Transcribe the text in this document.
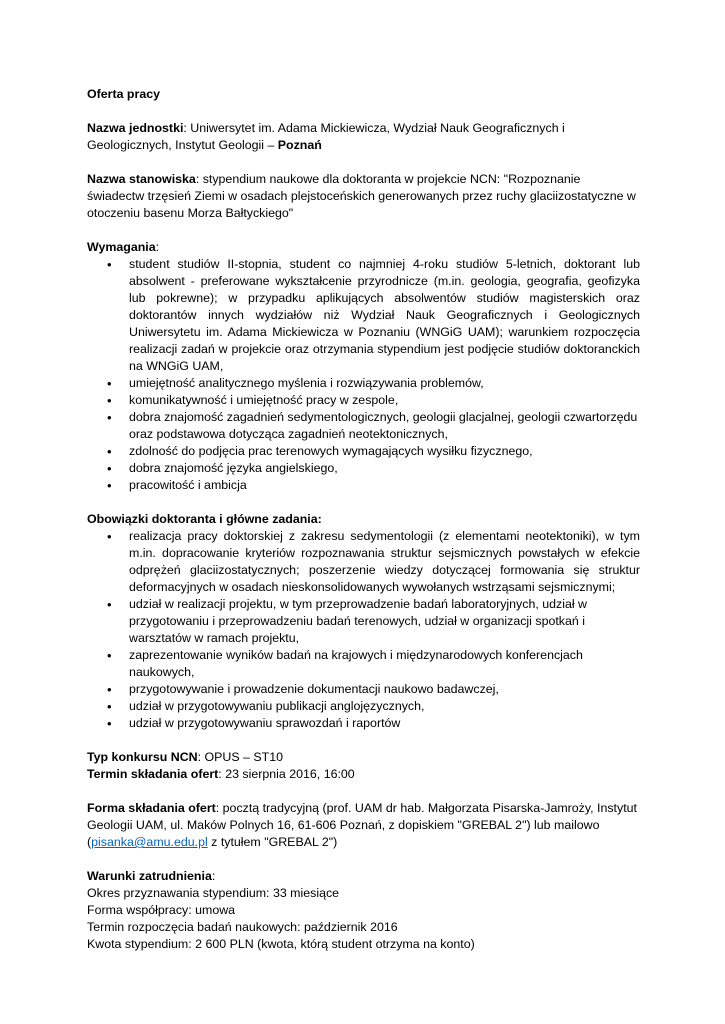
Oferta pracy

Nazwa jednostki: Uniwersytet im. Adama Mickiewicza, Wydział Nauk Geograficznych i Geologicznych, Instytut Geologii – Poznań

Nazwa stanowiska: stypendium naukowe dla doktoranta w projekcie NCN: "Rozpoznanie świadectw trzęsień Ziemi w osadach plejstoceńskich generowanych przez ruchy glaciizostatyczne w otoczeniu basenu Morza Bałtyckiego"

Wymagania:

• student studiów II-stopnia, student co najmniej 4-roku studiów 5-letnich, doktorant lub absolwent - preferowane wykształcenie przyrodnicze (m.in. geologia, geografia, geofizyka lub pokrewne); w przypadku aplikujących absolwentów studiów magisterskich oraz doktorantów innych wydziałów niż Wydział Nauk Geograficznych i Geologicznych Uniwersytetu im. Adama Mickiewicza w Poznaniu (WNGiG UAM); warunkiem rozpoczęcia realizacji zadań w projekcie oraz otrzymania stypendium jest podjęcie studiów doktoranckich na WNGiG UAM,
• umiejętność analitycznego myślenia i rozwiązywania problemów,
• komunikatywność i umiejętność pracy w zespole,
• dobra znajomość zagadnień sedymentologicznych, geologii glacjalnej, geologii czwartorzędu oraz podstawowa dotycząca zagadnień neotektonicznych,
• zdolność do podjęcia prac terenowych wymagających wysiłku fizycznego,
• dobra znajomość języka angielskiego,
• pracowitość i ambicja

Obowiązki doktoranta i główne zadania:

• realizacja pracy doktorskiej z zakresu sedymentologii (z elementami neotektoniki), w tym m.in. dopracowanie kryteriów rozpoznawania struktur sejsmicznych powstałych w efekcie odprężeń glaciizostatycznych; poszerzenie wiedzy dotyczącej formowania się struktur deformacyjnych w osadach nieskonsolidowanych wywołanych wstrząsami sejsmicznymi;
• udział w realizacji projektu, w tym przeprowadzenie badań laboratoryjnych, udział w przygotowaniu i przeprowadzeniu badań terenowych, udział w organizacji spotkań i warsztatów w ramach projektu,
• zaprezentowanie wyników badań na krajowych i międzynarodowych konferencjach naukowych,
• przygotowywanie i prowadzenie dokumentacji naukowo badawczej,
• udział w przygotowywaniu publikacji anglojęzycznych,
• udział w przygotowywaniu sprawozdań i raportów

Typ konkursu NCN: OPUS – ST10

Termin składania ofert: 23 sierpnia 2016, 16:00

Forma składania ofert: pocztą tradycyjną (prof. UAM dr hab. Małgorzata Pisarska-Jamroży, Instytut Geologii UAM, ul. Maków Polnych 16, 61-606 Poznań, z dopiskiem "GREBAL 2") lub mailowo (pisanka@amu.edu.pl z tytułem "GREBAL 2")

Warunki zatrudnienia:

Okres przyznawania stypendium: 33 miesiące
Forma współpracy: umowa
Termin rozpoczęcia badań naukowych: październik 2016
Kwota stypendium: 2 600 PLN (kwota, którą student otrzyma na konto)
